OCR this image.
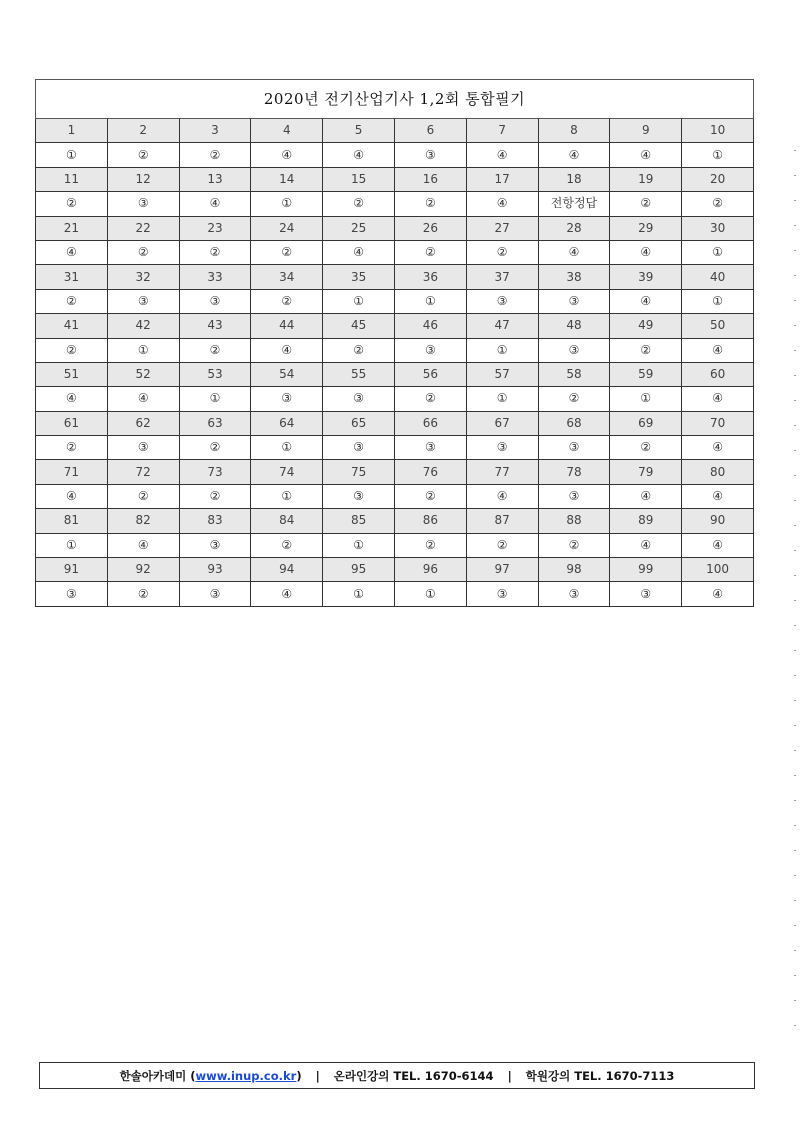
2020년 전기산업기사 1,2회 통합필기									
1	2	3	4	5	6	7	8	9	10
①	②	②	④	④	③	④	④	④	①
11	12	13	14	15	16	17	18	19	20
②	③	④	①	②	②	④	전항정답	②	②
21	22	23	24	25	26	27	28	29	30
④	②	②	②	④	②	②	④	④	①
31	32	33	34	35	36	37	38	39	40
②	③	③	②	①	①	③	③	④	①
41	42	43	44	45	46	47	48	49	50
②	①	②	④	②	③	①	③	②	④
51	52	53	54	55	56	57	58	59	60
④	④	①	③	③	②	①	②	①	④
61	62	63	64	65	66	67	68	69	70
②	③	②	①	③	③	③	③	②	④
71	72	73	74	75	76	77	78	79	80
④	②	②	①	③	②	④	③	④	④
81	82	83	84	85	86	87	88	89	90
①	④	③	②	①	②	②	②	④	④
91	92	93	94	95	96	97	98	99	100
③	②	③	④	①	①	③	③	③	④
한솔아카데미 (www.inup.co.kr) | 온라인강의 TEL. 1670-6144 | 학원강의 TEL. 1670-7113
